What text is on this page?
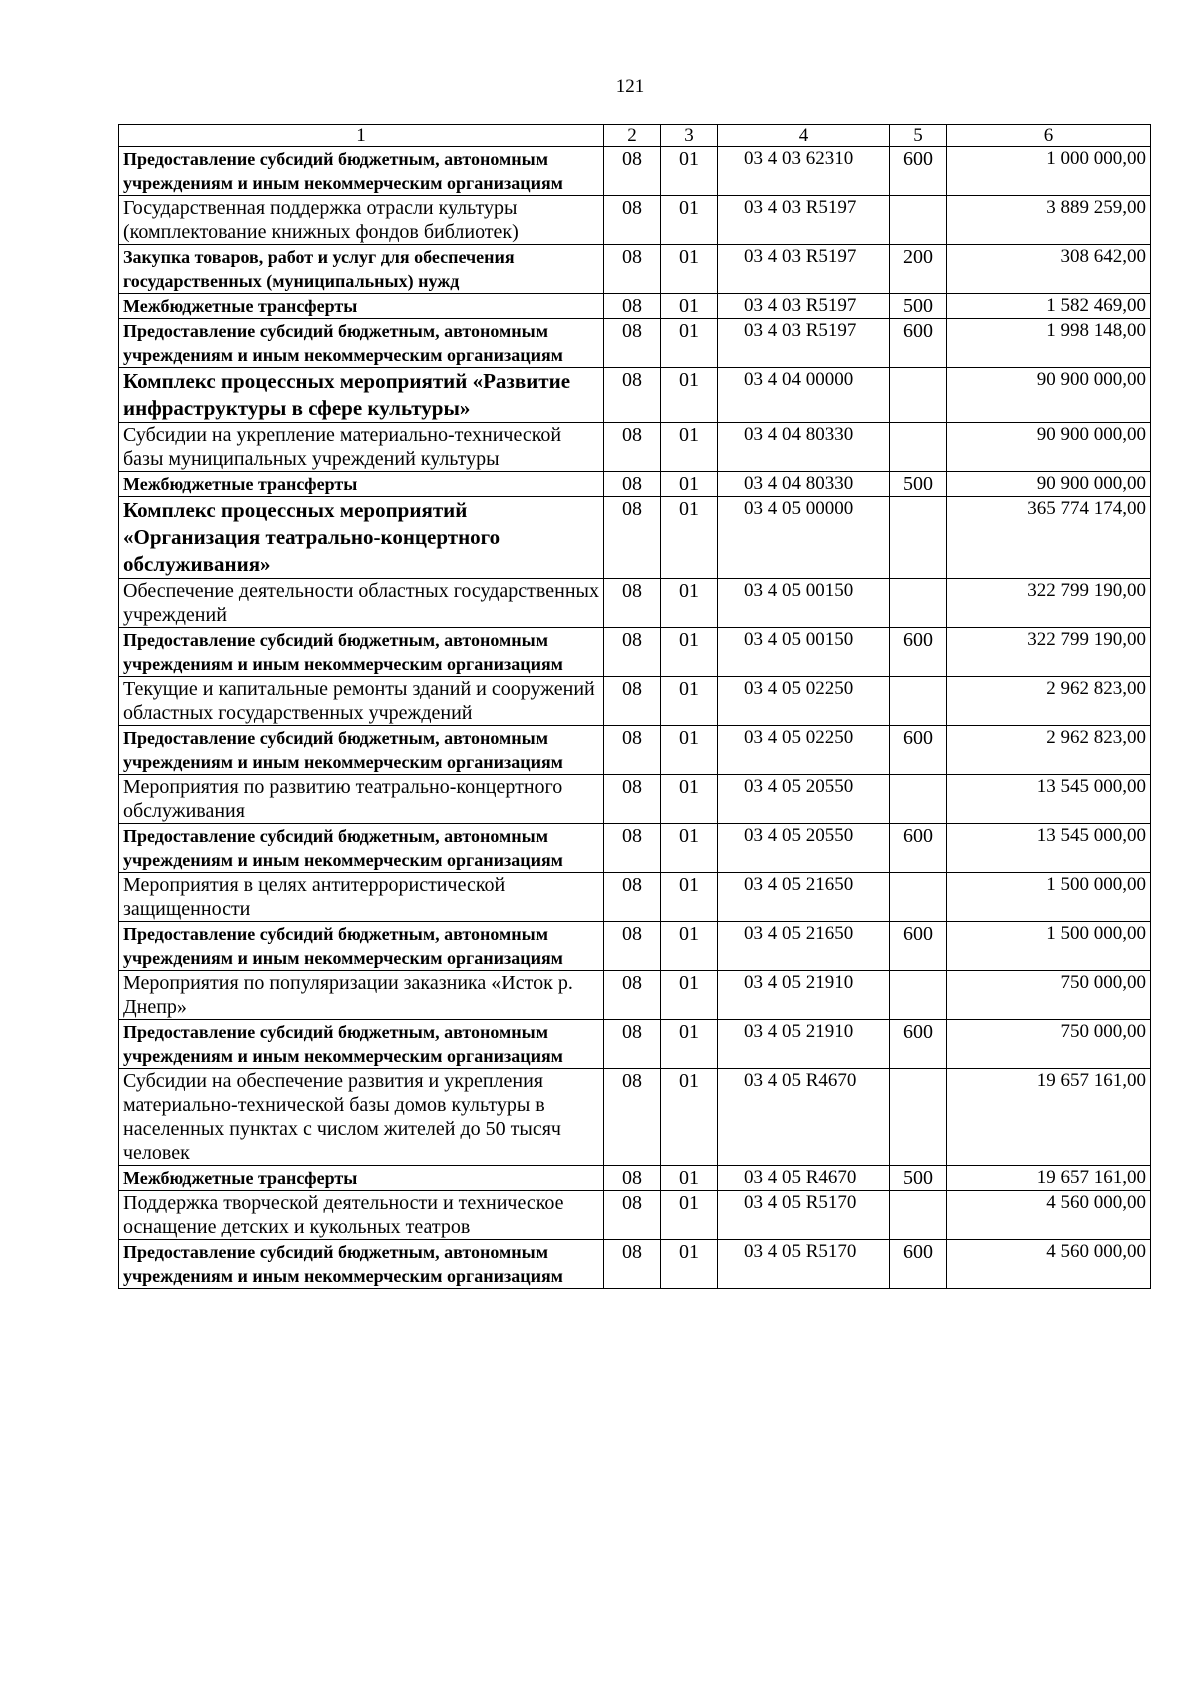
121
1	2	3	4	5	6
Предоставление субсидий бюджетным, автономным учреждениям и иным некоммерческим организациям	08	01	03 4 03 62310	600	1 000 000,00
Государственная поддержка отрасли культуры (комплектование книжных фондов библиотек)	08	01	03 4 03 R5197		3 889 259,00
Закупка товаров, работ и услуг для обеспечения государственных (муниципальных) нужд	08	01	03 4 03 R5197	200	308 642,00
Межбюджетные трансферты	08	01	03 4 03 R5197	500	1 582 469,00
Предоставление субсидий бюджетным, автономным учреждениям и иным некоммерческим организациям	08	01	03 4 03 R5197	600	1 998 148,00
Комплекс процессных мероприятий «Развитие инфраструктуры в сфере культуры»	08	01	03 4 04 00000		90 900 000,00
Субсидии на укрепление материально-технической базы муниципальных учреждений культуры	08	01	03 4 04 80330		90 900 000,00
Межбюджетные трансферты	08	01	03 4 04 80330	500	90 900 000,00
Комплекс процессных мероприятий «Организация театрально-концертного обслуживания»	08	01	03 4 05 00000		365 774 174,00
Обеспечение деятельности областных государственных учреждений	08	01	03 4 05 00150		322 799 190,00
Предоставление субсидий бюджетным, автономным учреждениям и иным некоммерческим организациям	08	01	03 4 05 00150	600	322 799 190,00
Текущие и капитальные ремонты зданий и сооружений областных государственных учреждений	08	01	03 4 05 02250		2 962 823,00
Предоставление субсидий бюджетным, автономным учреждениям и иным некоммерческим организациям	08	01	03 4 05 02250	600	2 962 823,00
Мероприятия по развитию театрально-концертного обслуживания	08	01	03 4 05 20550		13 545 000,00
Предоставление субсидий бюджетным, автономным учреждениям и иным некоммерческим организациям	08	01	03 4 05 20550	600	13 545 000,00
Мероприятия в целях антитеррористической защищенности	08	01	03 4 05 21650		1 500 000,00
Предоставление субсидий бюджетным, автономным учреждениям и иным некоммерческим организациям	08	01	03 4 05 21650	600	1 500 000,00
Мероприятия по популяризации заказника «Исток р. Днепр»	08	01	03 4 05 21910		750 000,00
Предоставление субсидий бюджетным, автономным учреждениям и иным некоммерческим организациям	08	01	03 4 05 21910	600	750 000,00
Субсидии на обеспечение развития и укрепления материально-технической базы домов культуры в населенных пунктах с числом жителей до 50 тысяч человек	08	01	03 4 05 R4670		19 657 161,00
Межбюджетные трансферты	08	01	03 4 05 R4670	500	19 657 161,00
Поддержка творческой деятельности и техническое оснащение детских и кукольных театров	08	01	03 4 05 R5170		4 560 000,00
Предоставление субсидий бюджетным, автономным учреждениям и иным некоммерческим организациям	08	01	03 4 05 R5170	600	4 560 000,00
